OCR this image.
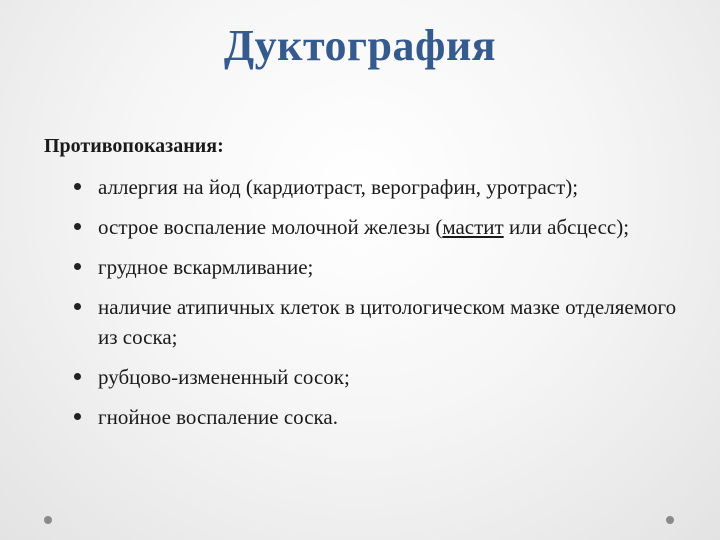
Дуктография
Противопоказания:
аллергия на йод (кардиотраст, верографин, уротраст);
острое воспаление молочной железы (мастит или абсцесс);
грудное вскармливание;
наличие атипичных клеток в цитологическом мазке отделяемого из соска;
рубцово-измененный сосок;
гнойное воспаление соска.
